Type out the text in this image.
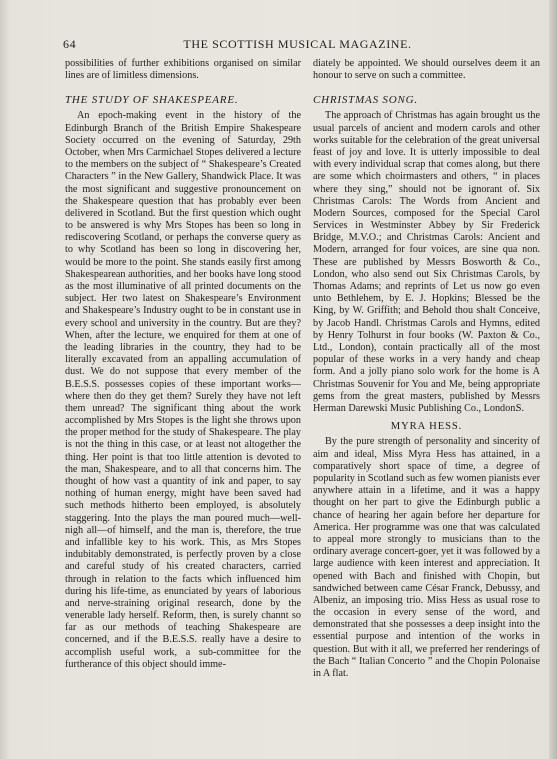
64	THE SCOTTISH MUSICAL MAGAZINE.

possibilities of further exhibitions organised on similar lines are of limitless dimensions.

THE STUDY OF SHAKESPEARE.

An epoch-making event in the history of the Edinburgh Branch of the British Empire Shakespeare Society occurred on the evening of Saturday, 29th October, when Mrs Carmichael Stopes delivered a lecture to the members on the subject of “ Shakespeare’s Created Characters ” in the New Gallery, Shandwick Place. It was the most significant and suggestive pronouncement on the Shakespeare question that has probably ever been delivered in Scotland. But the first question which ought to be answered is why Mrs Stopes has been so long in rediscovering Scotland, or perhaps the converse query as to why Scotland has been so long in discovering her, would be more to the point. She stands easily first among Shakespearean authorities, and her books have long stood as the most illuminative of all printed documents on the subject. Her two latest on Shakespeare’s Environment and Shakespeare’s Industry ought to be in constant use in every school and university in the country. But are they? When, after the lecture, we enquired for them at one of the leading libraries in the country, they had to be literally excavated from an appalling accumulation of dust. We do not suppose that every member of the B.E.S.S. possesses copies of these important works—where then do they get them? Surely they have not left them unread? The significant thing about the work accomplished by Mrs Stopes is the light she throws upon the proper method for the study of Shakespeare. The play is not the thing in this case, or at least not altogether the thing. Her point is that too little attention is devoted to the man, Shakespeare, and to all that concerns him. The thought of how vast a quantity of ink and paper, to say nothing of human energy, might have been saved had such methods hitherto been employed, is absolutely staggering. Into the plays the man poured much—well-nigh all—of himself, and the man is, therefore, the true and infallible key to his work. This, as Mrs Stopes indubitably demonstrated, is perfectly proven by a close and careful study of his created characters, carried through in relation to the facts which influenced him during his life-time, as enunciated by years of laborious and nerve-straining original research, done by the venerable lady herself. Reform, then, is surely channt so far as our methods of teaching Shakespeare are concerned, and if the B.E.S.S. really have a desire to accomplish useful work, a sub-committee for the furtherance of this object should imme-

diately be appointed. We should ourselves deem it an honour to serve on such a committee.

CHRISTMAS SONG.

The approach of Christmas has again brought us the usual parcels of ancient and modern carols and other works suitable for the celebration of the great universal feast of joy and love. It is utterly impossible to deal with every individual scrap that comes along, but there are some which choirmasters and others, “ in places where they sing,” should not be ignorant of. Six Christmas Carols: The Words from Ancient and Modern Sources, composed for the Special Carol Services in Westminster Abbey by Sir Frederick Bridge, M.V.O.; and Christmas Carols: Ancient and Modern, arranged for four voices, are sine qua non. These are published by Messrs Bosworth & Co., London, who also send out Six Christmas Carols, by Thomas Adams; and reprints of Let us now go even unto Bethlehem, by E. J. Hopkins; Blessed be the King, by W. Griffith; and Behold thou shalt Conceive, by Jacob Handl. Christmas Carols and Hymns, edited by Henry Tolhurst in four books (W. Paxton & Co., Ltd., London), contain practically all of the most popular of these works in a very handy and cheap form. And a jolly piano solo work for the home is A Christmas Souvenir for You and Me, being appropriate gems from the great masters, published by Messrs Herman Darewski Music Publishing Co., London.

S.
MYRA HESS.

By the pure strength of personality and sincerity of aim and ideal, Miss Myra Hess has attained, in a comparatively short space of time, a degree of popularity in Scotland such as few women pianists ever anywhere attain in a lifetime, and it was a happy thought on her part to give the Edinburgh public a chance of hearing her again before her departure for America. Her programme was one that was calculated to appeal more strongly to musicians than to the ordinary average concert-goer, yet it was followed by a large audience with keen interest and appreciation. It opened with Bach and finished with Chopin, but sandwiched between came César Franck, Debussy, and Albeniz, an imposing trio. Miss Hess as usual rose to the occasion in every sense of the word, and demonstrated that she possesses a deep insight into the essential purpose and intention of the works in question. But with it all, we preferred her renderings of the Bach “ Italian Concerto ” and the Chopin Polonaise in A flat.
